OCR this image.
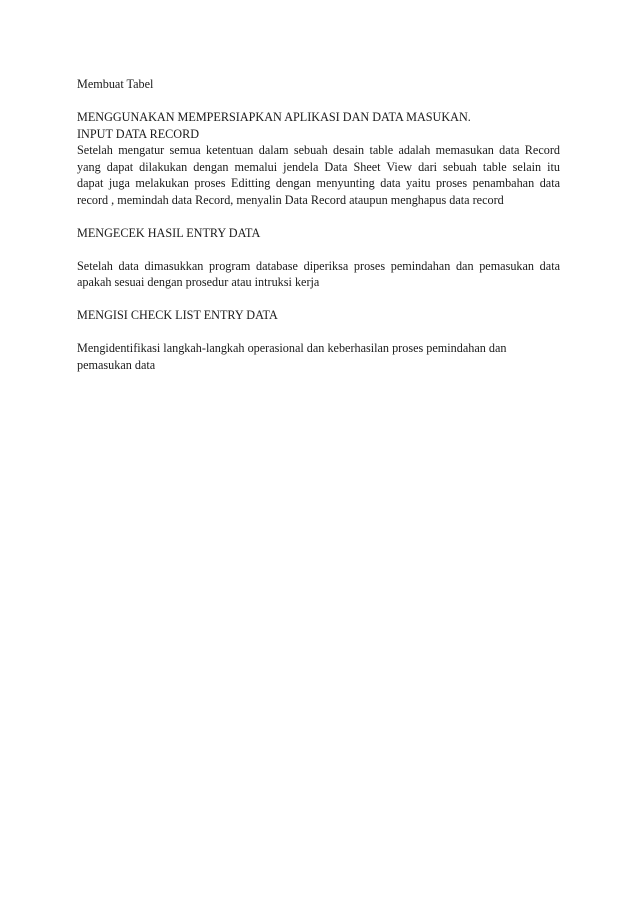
Membuat Tabel
MENGGUNAKAN MEMPERSIAPKAN APLIKASI DAN DATA MASUKAN.
INPUT DATA RECORD
Setelah mengatur semua ketentuan dalam sebuah desain table adalah memasukan data Record
yang dapat dilakukan dengan memalui jendela Data Sheet View dari sebuah table selain itu
dapat juga melakukan proses Editting dengan menyunting data yaitu proses penambahan data
record , memindah data Record, menyalin Data Record ataupun menghapus data record
MENGECEK HASIL ENTRY DATA
Setelah data dimasukkan program database diperiksa proses pemindahan dan pemasukan data
apakah sesuai dengan prosedur atau intruksi kerja
MENGISI CHECK LIST ENTRY DATA
Mengidentifikasi langkah-langkah operasional dan keberhasilan proses pemindahan dan
pemasukan data
